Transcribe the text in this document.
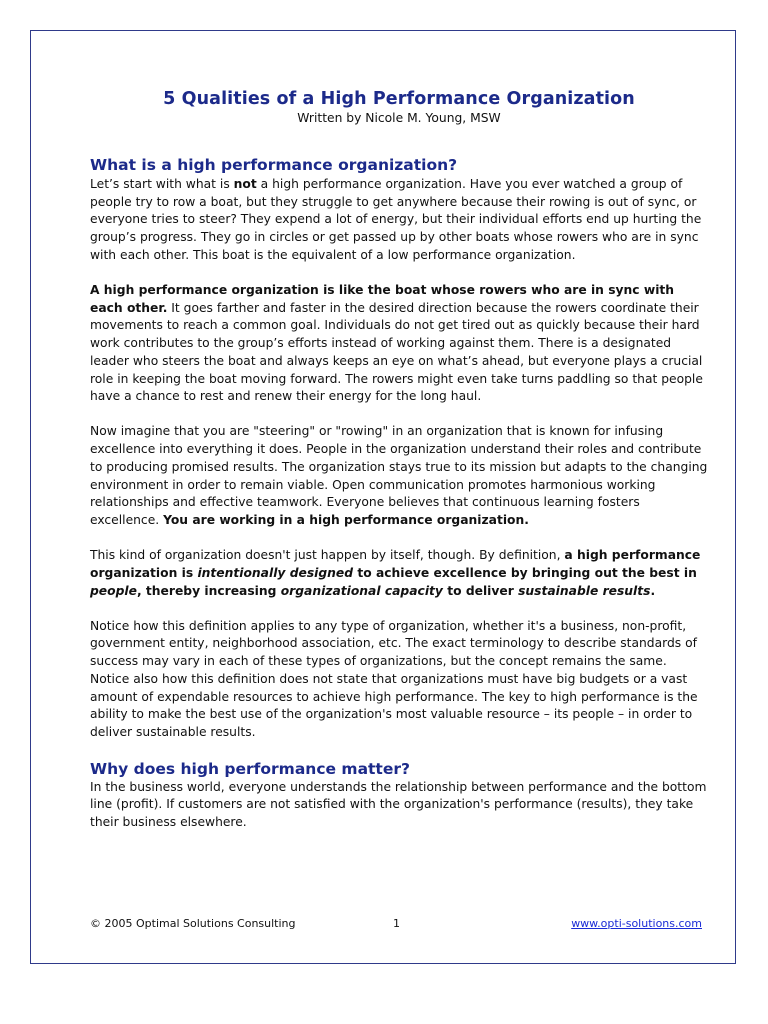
5 Qualities of a High Performance Organization
Written by Nicole M. Young, MSW
What is a high performance organization?

Let’s start with what is not a high performance organization. Have you ever watched a group of people try to row a boat, but they struggle to get anywhere because their rowing is out of sync, or everyone tries to steer? They expend a lot of energy, but their individual efforts end up hurting the group’s progress. They go in circles or get passed up by other boats whose rowers who are in sync with each other. This boat is the equivalent of a low performance organization.

A high performance organization is like the boat whose rowers who are in sync with each other. It goes farther and faster in the desired direction because the rowers coordinate their movements to reach a common goal. Individuals do not get tired out as quickly because their hard work contributes to the group’s efforts instead of working against them. There is a designated leader who steers the boat and always keeps an eye on what’s ahead, but everyone plays a crucial role in keeping the boat moving forward. The rowers might even take turns paddling so that people have a chance to rest and renew their energy for the long haul.

Now imagine that you are "steering" or "rowing" in an organization that is known for infusing excellence into everything it does. People in the organization understand their roles and contribute to producing promised results. The organization stays true to its mission but adapts to the changing environment in order to remain viable. Open communication promotes harmonious working relationships and effective teamwork. Everyone believes that continuous learning fosters excellence. You are working in a high performance organization.

This kind of organization doesn't just happen by itself, though. By definition, a high performance organization is intentionally designed to achieve excellence by bringing out the best in people, thereby increasing organizational capacity to deliver sustainable results.

Notice how this definition applies to any type of organization, whether it's a business, non-profit, government entity, neighborhood association, etc. The exact terminology to describe standards of success may vary in each of these types of organizations, but the concept remains the same. Notice also how this definition does not state that organizations must have big budgets or a vast amount of expendable resources to achieve high performance. The key to high performance is the ability to make the best use of the organization's most valuable resource – its people – in order to deliver sustainable results.

Why does high performance matter?

In the business world, everyone understands the relationship between performance and the bottom line (profit). If customers are not satisfied with the organization's performance (results), they take their business elsewhere.

© 2005 Optimal Solutions Consulting	1	www.opti-solutions.com
